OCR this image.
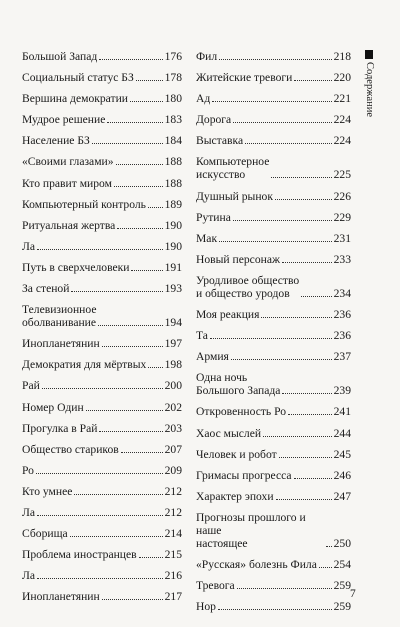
Большой Запад	176
Социальный статус БЗ	178
Вершина демократии	180
Мудрое решение	183
Население БЗ	184
«Своими глазами»	188
Кто правит миром	188
Компьютерный контроль 189
Ритуальная жертва	190
Ла	190
Путь в сверхчеловеки	191
За стеной	193
Телевизионное
оболванивание	194
Инопланетянин	197
Демократия для мёртвых 198
Рай	200
Номер Один	202
Прогулка в Рай	203
Общество стариков	207
Ро	209
Кто умнее	212
Ла	212
Сборища	214
Проблема иностранцев 215
Ла	216
Инопланетянин	217
Фил	218
Житейские тревоги	220
Ад	221
Дорога	224
Выставка	224
Компьютерное
искусство	225
Душный рынок	226
Рутина	229
Мак	231
Новый персонаж	233
Уродливое общество
и общество уродов	234
Моя реакция	236
Та	236
Армия	237
Одна ночь
Большого Запада	239
Откровенность Ро	241
Хаос мыслей	244
Человек и робот	245
Гримасы прогресса	246
Характер эпохи	247
Прогнозы прошлого и наше
настоящее	250
«Русская» болезнь Фила 254
Тревога	259
Нор	259
Содержание
7
